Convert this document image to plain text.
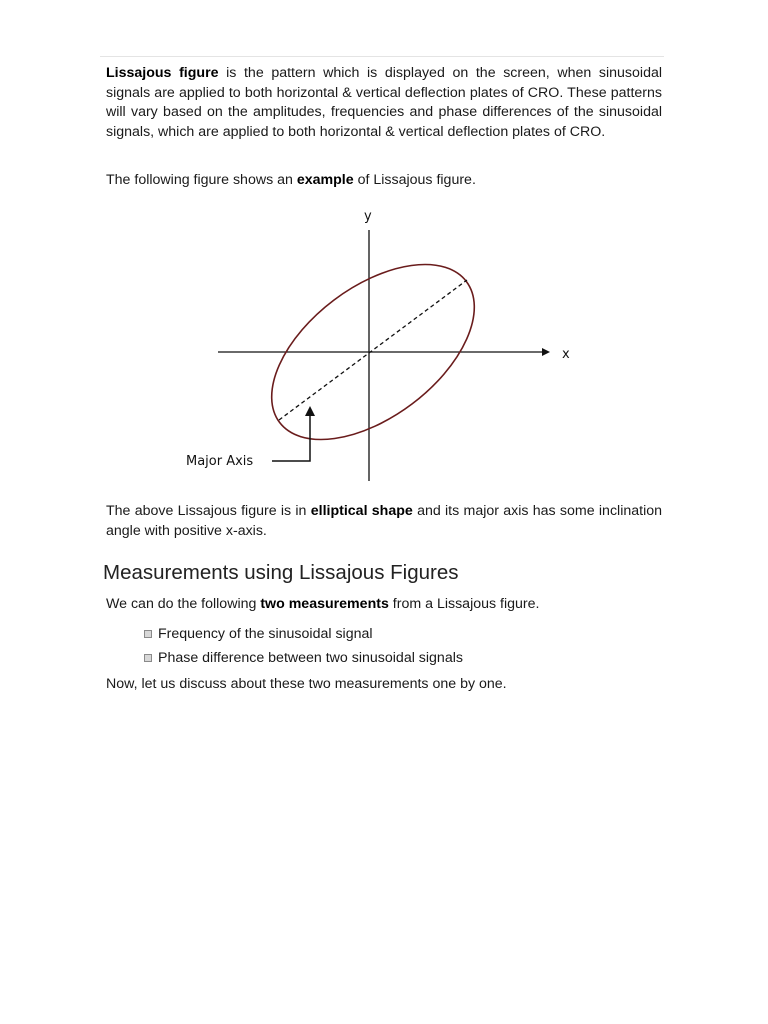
Lissajous figure is the pattern which is displayed on the screen, when sinusoidal signals are applied to both horizontal & vertical deflection plates of CRO. These patterns will vary based on the amplitudes, frequencies and phase differences of the sinusoidal signals, which are applied to both horizontal & vertical deflection plates of CRO.

The following figure shows an example of Lissajous figure.

y
x
Major Axis

The above Lissajous figure is in elliptical shape and its major axis has some inclination angle with positive x-axis.

Measurements using Lissajous Figures

We can do the following two measurements from a Lissajous figure.

Frequency of the sinusoidal signal
Phase difference between two sinusoidal signals

Now, let us discuss about these two measurements one by one.
